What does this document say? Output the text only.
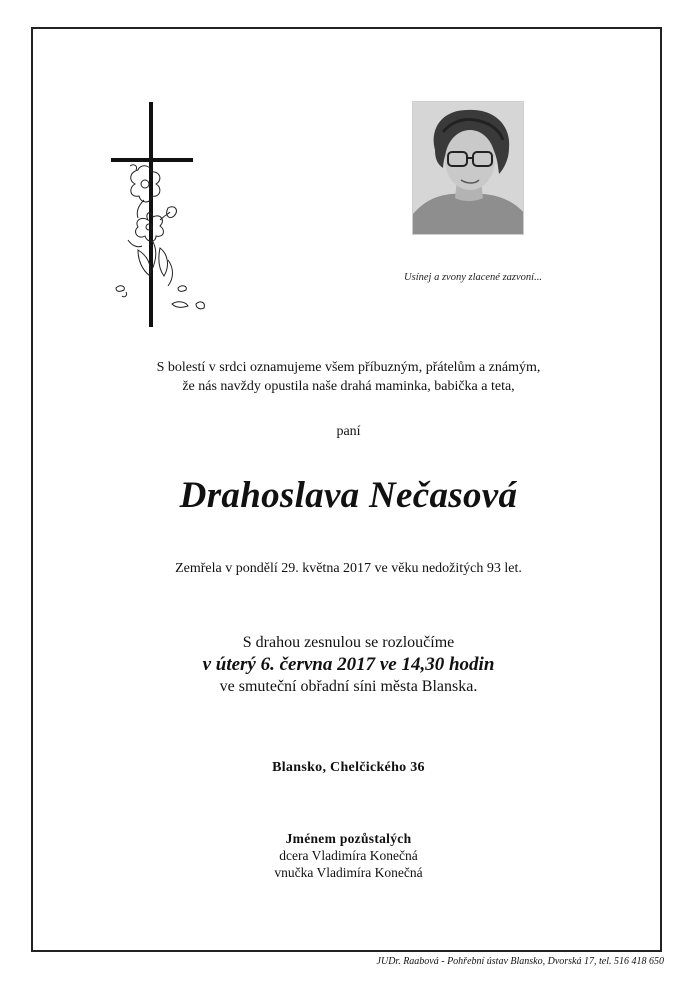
Usínej a zvony zlacené zazvoní...
S bolestí v srdci oznamujeme všem příbuzným, přátelům a známým,
že nás navždy opustila naše drahá maminka, babička a teta,
paní
Drahoslava Nečasová
Zemřela v pondělí 29. května 2017 ve věku nedožitých 93 let.
S drahou zesnulou se rozloučíme
v úterý 6. června 2017 ve 14,30 hodin
ve smuteční obřadní síni města Blanska.
Blansko, Chelčického 36
Jménem pozůstalých
dcera Vladimíra Konečná
vnučka Vladimíra Konečná
JUDr. Raabová - Pohřební ústav Blansko, Dvorská 17, tel. 516 418 650
